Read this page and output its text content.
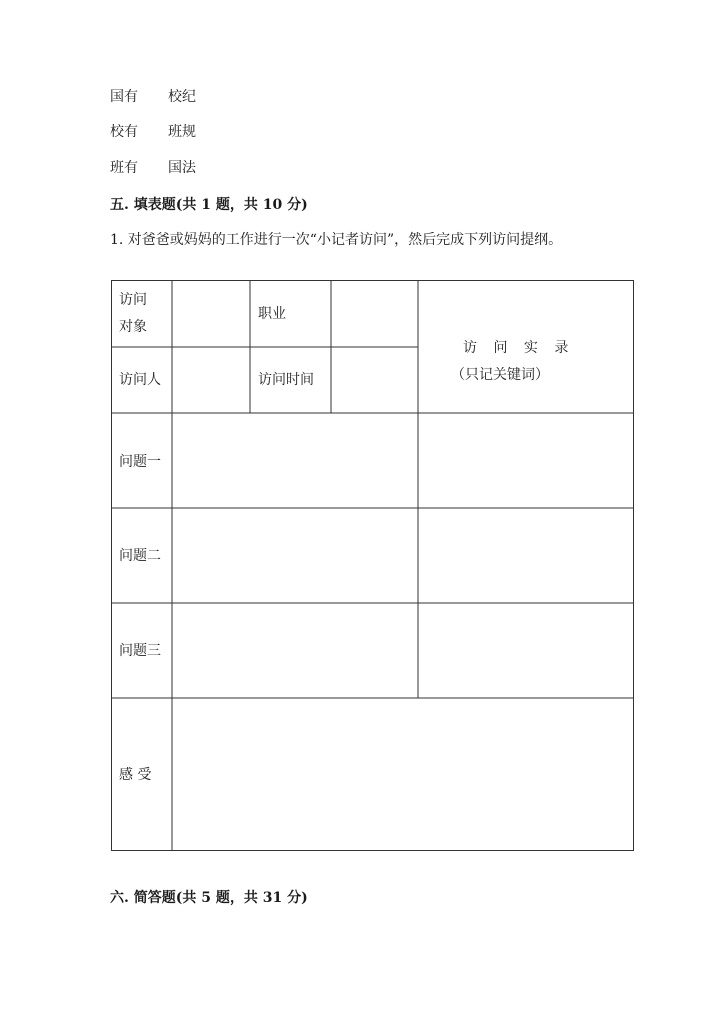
国有 校纪
校有 班规
班有 国法
五. 填表题(共 1 题，共 10 分)
1. 对爸爸或妈妈的工作进行一次“小记者访问”，然后完成下列访问提纲。
访问
对象
职业
访问人	访问时间
访 问 实 录
（只记关键词）
问题一
问题二
问题三
感 受
六. 简答题(共 5 题，共 31 分)
